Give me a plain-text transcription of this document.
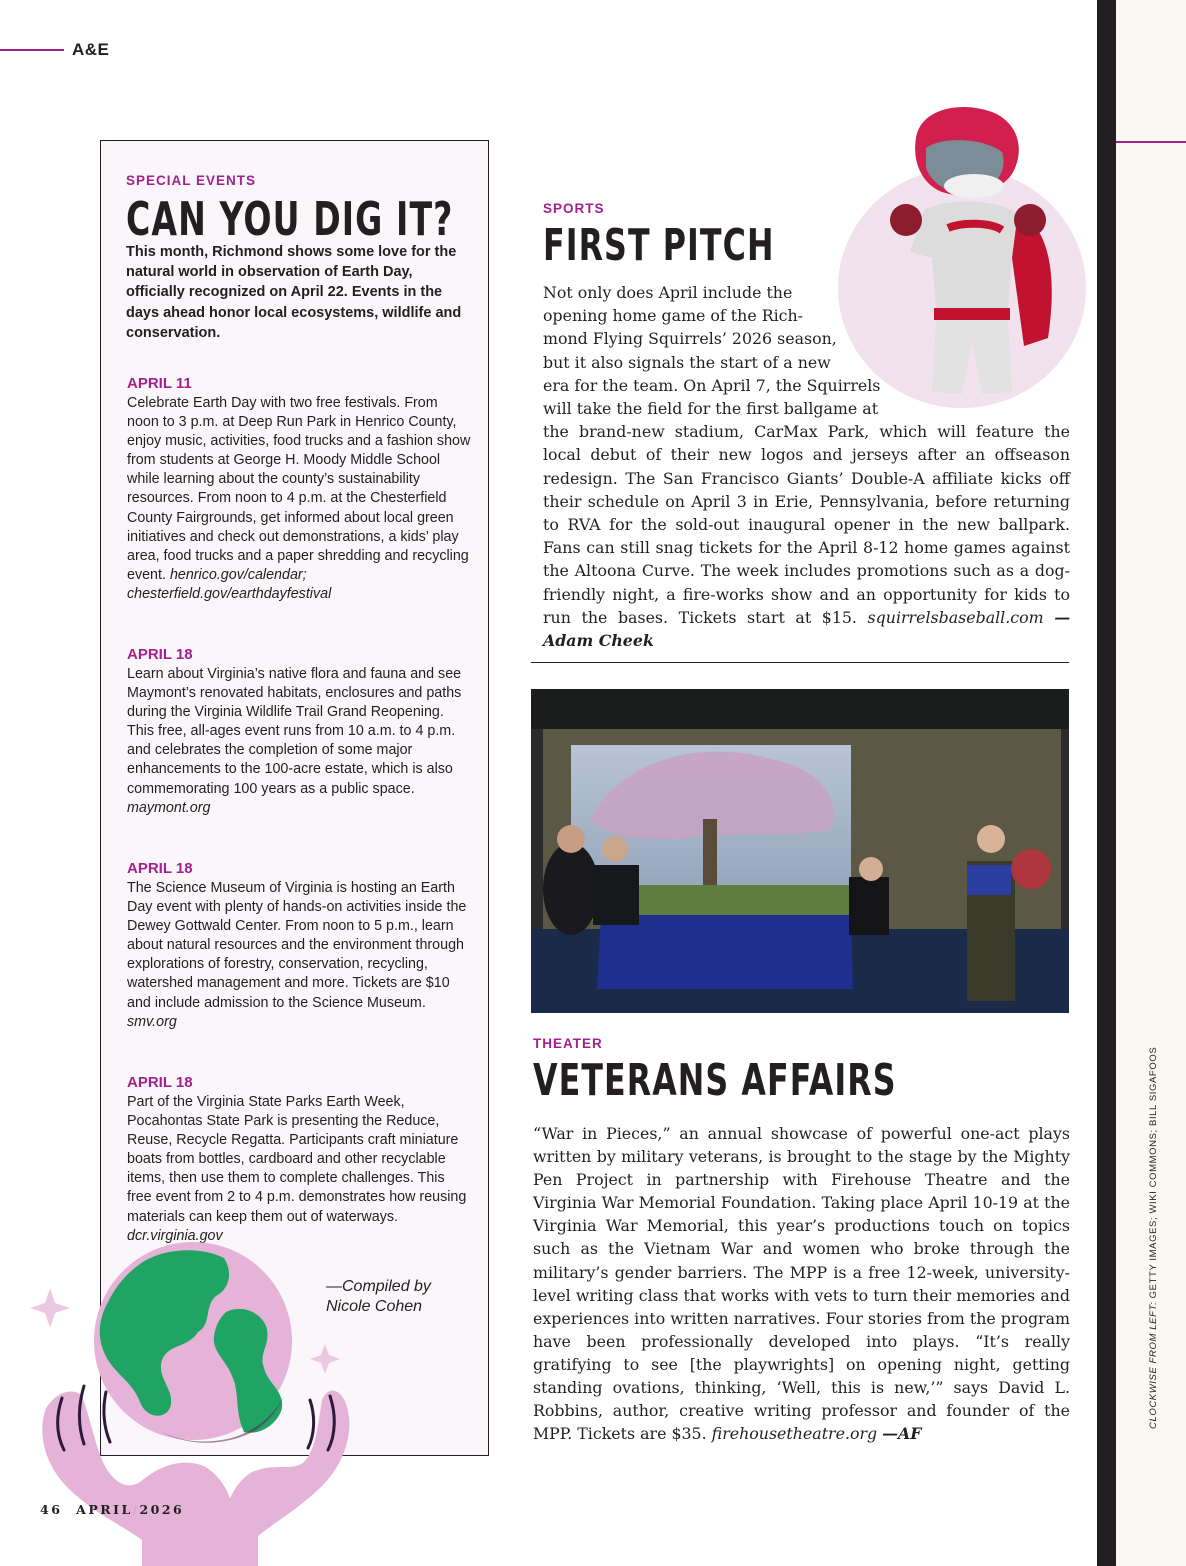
A&E
CLOCKWISE FROM LEFT: GETTY IMAGES; WIKI COMMONS; BILL SIGAFOOS
SPECIAL EVENTS
CAN YOU DIG IT?
This month, Richmond shows some love for the natural world in observation of Earth Day, officially recognized on April 22. Events in the days ahead honor local ecosystems, wildlife and conservation.
APRIL 11
Celebrate Earth Day with two free festivals. From noon to 3 p.m. at Deep Run Park in Henrico County, enjoy music, activities, food trucks and a fashion show from students at George H. Moody Middle School while learning about the county’s sustainability resources. From noon to 4 p.m. at the Chesterfield County Fairgrounds, get informed about local green initiatives and check out demonstrations, a kids’ play area, food trucks and a paper shredding and recycling event. henrico.gov/calendar; chesterfield.gov/earthdayfestival
APRIL 18
Learn about Virginia’s native flora and fauna and see Maymont’s renovated habitats, enclosures and paths during the Virginia Wildlife Trail Grand Reopening. This free, all-ages event runs from 10 a.m. to 4 p.m. and celebrates the completion of some major enhancements to the 100-acre estate, which is also commemorating 100 years as a public space. maymont.org
APRIL 18
The Science Museum of Virginia is hosting an Earth Day event with plenty of hands-on activities inside the Dewey Gottwald Center. From noon to 5 p.m., learn about natural resources and the environment through explorations of forestry, conservation, recycling, watershed management and more. Tickets are $10 and include admission to the Science Museum. smv.org
APRIL 18
Part of the Virginia State Parks Earth Week, Pocahontas State Park is presenting the Reduce, Reuse, Recycle Regatta. Participants craft miniature boats from bottles, cardboard and other recyclable items, then use them to complete challenges. This free event from 2 to 4 p.m. demonstrates how reusing materials can keep them out of waterways. dcr.virginia.gov
—Compiled by
Nicole Cohen
SPORTS
FIRST PITCH
Not only does April include the
opening home game of the Rich-
mond Flying Squirrels’ 2026 season,
but it also signals the start of a new
era for the team. On April 7, the Squirrels
will take the field for the first ballgame at
the brand-new stadium, CarMax Park, which will feature the local debut of their new logos and jerseys after an offseason redesign. The San Francisco Giants’ Double-A affiliate kicks off their schedule on April 3 in Erie, Pennsylvania, before returning to RVA for the sold-out inaugural opener in the new ballpark. Fans can still snag tickets for the April 8-12 home games against the Altoona Curve. The week includes promotions such as a dog-friendly night, a fire-works show and an opportunity for kids to run the bases. Tickets start at $15. squirrelsbaseball.com —Adam Cheek
THEATER
VETERANS AFFAIRS
“War in Pieces,” an annual showcase of powerful one-act plays written by military veterans, is brought to the stage by the Mighty Pen Project in partnership with Firehouse Theatre and the Virginia War Memorial Foundation. Taking place April 10-19 at the Virginia War Memorial, this year’s productions touch on topics such as the Vietnam War and women who broke through the military’s gender barriers. The MPP is a free 12-week, university-level writing class that works with vets to turn their memories and experiences into written narratives. Four stories from the program have been professionally developed into plays. “It’s really gratifying to see [the playwrights] on opening night, getting standing ovations, thinking, ‘Well, this is new,’” says David L. Robbins, author, creative writing professor and founder of the MPP. Tickets are $35. firehousetheatre.org —AF
46 APRIL/2026
